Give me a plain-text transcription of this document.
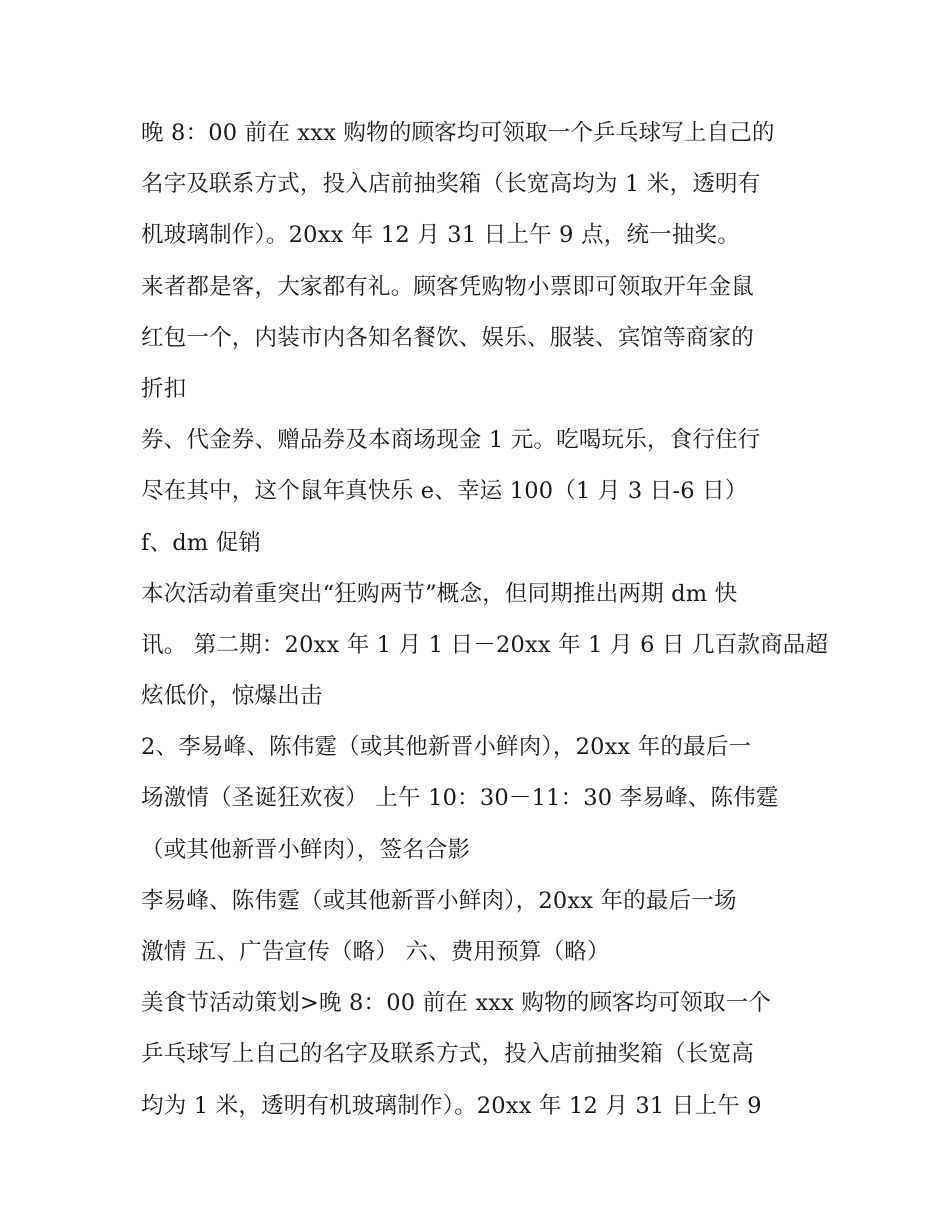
晚 8：00 前在 xxx 购物的顾客均可领取一个乒乓球写上自己的
名字及联系方式，投入店前抽奖箱（长宽高均为 1 米，透明有
机玻璃制作）。20xx 年 12 月 31 日上午 9 点，统一抽奖。
来者都是客，大家都有礼。顾客凭购物小票即可领取开年金鼠
红包一个，内装市内各知名餐饮、娱乐、服装、宾馆等商家的
折扣
券、代金券、赠品券及本商场现金 1 元。吃喝玩乐，食行住行
尽在其中，这个鼠年真快乐 e、幸运 100（1 月 3 日-6 日）
f、dm 促销
本次活动着重突出“狂购两节”概念，但同期推出两期 dm 快
讯。 第二期：20xx 年 1 月 1 日－20xx 年 1 月 6 日 几百款商品超
炫低价，惊爆出击
2、李易峰、陈伟霆（或其他新晋小鲜肉），20xx 年的最后一
场激情（圣诞狂欢夜） 上午 10：30－11：30 李易峰、陈伟霆
（或其他新晋小鲜肉），签名合影
李易峰、陈伟霆（或其他新晋小鲜肉），20xx 年的最后一场
激情 五、广告宣传（略） 六、费用预算（略）
美食节活动策划>晚 8：00 前在 xxx 购物的顾客均可领取一个
乒乓球写上自己的名字及联系方式，投入店前抽奖箱（长宽高
均为 1 米，透明有机玻璃制作）。20xx 年 12 月 31 日上午 9
